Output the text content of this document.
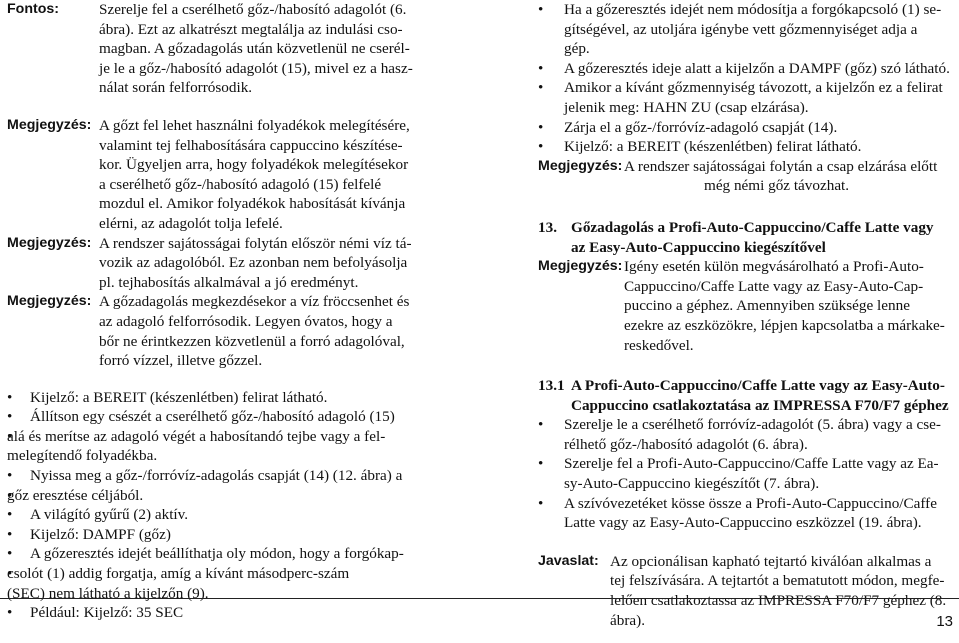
Fontos:	Szerelje fel a cserélhető gőz-/habosító adagolót (6.
ábra). Ezt az alkatrészt megtalálja az indulási cso-
magban. A gőzadagolás után közvetlenül ne cserél-
je le a gőz-/habosító adagolót (15), mivel ez a hasz-
nálat során felforrósodik.
Megjegyzés: A gőzt fel lehet használni folyadékok melegítésére,
valamint tej felhabosítására cappuccino készítése-
kor. Ügyeljen arra, hogy folyadékok melegítésekor
a cserélhető gőz-/habosító adagoló (15) felfelé
mozdul el. Amikor folyadékok habosítását kívánja
elérni, az adagolót tolja lefelé.
Megjegyzés: A rendszer sajátosságai folytán először némi víz tá-
vozik az adagolóból. Ez azonban nem befolyásolja
pl. tejhabosítás alkalmával a jó eredményt.
Megjegyzés: A gőzadagolás megkezdésekor a víz fröccsenhet és
az adagoló felforrósodik. Legyen óvatos, hogy a
bőr ne érintkezzen közvetlenül a forró adagolóval,
forró vízzel, illetve gőzzel.
• Kijelző: a BEREIT (készenlétben) felirat látható.
• Állítson egy csészét a cserélhető gőz-/habosító adagoló (15)
• alá és merítse az adagoló végét a habosítandó tejbe vagy a fel-
melegítendő folyadékba.
• Nyissa meg a gőz-/forróvíz-adagolás csapját (14) (12. ábra) a
• gőz eresztése céljából.
• A világító gyűrű (2) aktív.
• Kijelző: DAMPF (gőz)
• A gőzeresztés idejét beállíthatja oly módon, hogy a forgókap-
• csolót (1) addig forgatja, amíg a kívánt másodperc-szám
(SEC) nem látható a kijelzőn (9).
• Például: Kijelző: 35 SEC
• Ha a gőzeresztés idejét nem módosítja a forgókapcsoló (1) se-
gítségével, az utoljára igénybe vett gőzmennyiséget adja a
gép.
• A gőzeresztés ideje alatt a kijelzőn a DAMPF (gőz) szó látható.
• Amikor a kívánt gőzmennyiség távozott, a kijelzőn ez a felirat
jelenik meg: HAHN ZU (csap elzárása).
• Zárja el a gőz-/forróvíz-adagoló csapját (14).
• Kijelző: a BEREIT (készenlétben) felirat látható.
Megjegyzés: A rendszer sajátosságai folytán a csap elzárása előtt
még némi gőz távozhat.
13. Gőzadagolás a Profi-Auto-Cappuccino/Caffe Latte vagy
az Easy-Auto-Cappuccino kiegészítővel
Megjegyzés: Igény esetén külön megvásárolható a Profi-Auto-
Cappuccino/Caffe Latte vagy az Easy-Auto-Cap-
puccino a géphez. Amennyiben szüksége lenne
ezekre az eszközökre, lépjen kapcsolatba a márkake-
reskedővel.
13.1 A Profi-Auto-Cappuccino/Caffe Latte vagy az Easy-Auto-
Cappuccino csatlakoztatása az IMPRESSA F70/F7 géphez
• Szerelje le a cserélhető forróvíz-adagolót (5. ábra) vagy a cse-
rélhető gőz-/habosító adagolót (6. ábra).
• Szerelje fel a Profi-Auto-Cappuccino/Caffe Latte vagy az Ea-
sy-Auto-Cappuccino kiegészítőt (7. ábra).
• A szívóvezetéket kösse össze a Profi-Auto-Cappuccino/Caffe
Latte vagy az Easy-Auto-Cappuccino eszközzel (19. ábra).
Javaslat: Az opcionálisan kapható tejtartó kiválóan alkalmas a
tej felszívására. A tejtartót a bematutott módon, megfe-
lelően csatlakoztassa az IMPRESSA F70/F7 géphez (8.
ábra).	13
